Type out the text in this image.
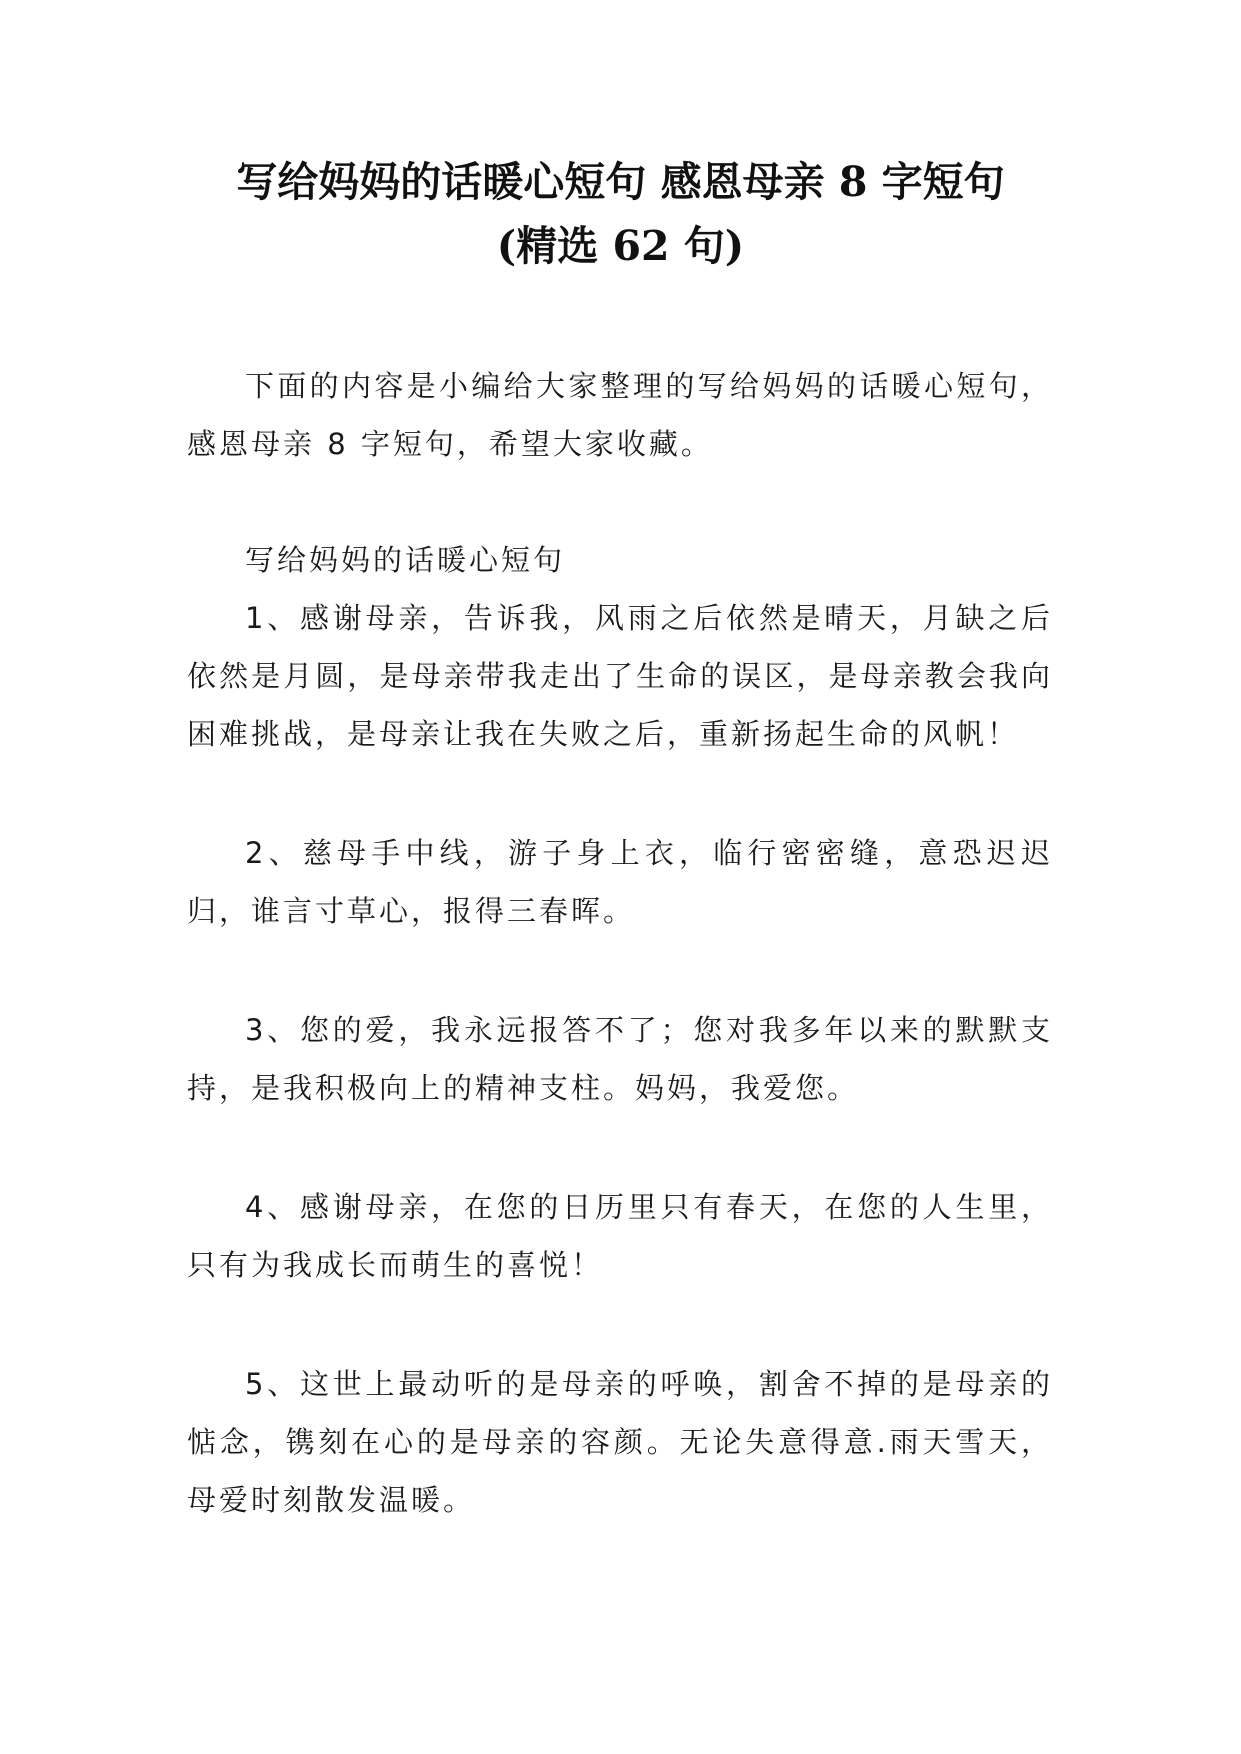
写给妈妈的话暖心短句 感恩母亲 8 字短句
(精选 62 句)

下面的内容是小编给大家整理的写给妈妈的话暖心短句，感恩母亲 8 字短句，希望大家收藏。

写给妈妈的话暖心短句

1、感谢母亲，告诉我，风雨之后依然是晴天，月缺之后依然是月圆，是母亲带我走出了生命的误区，是母亲教会我向困难挑战，是母亲让我在失败之后，重新扬起生命的风帆！

2、慈母手中线，游子身上衣，临行密密缝，意恐迟迟归，谁言寸草心，报得三春晖。

3、您的爱，我永远报答不了；您对我多年以来的默默支持，是我积极向上的精神支柱。妈妈，我爱您。

4、感谢母亲，在您的日历里只有春天，在您的人生里，只有为我成长而萌生的喜悦！

5、这世上最动听的是母亲的呼唤，割舍不掉的是母亲的惦念，镌刻在心的是母亲的容颜。无论失意得意.雨天雪天，母爱时刻散发温暖。
